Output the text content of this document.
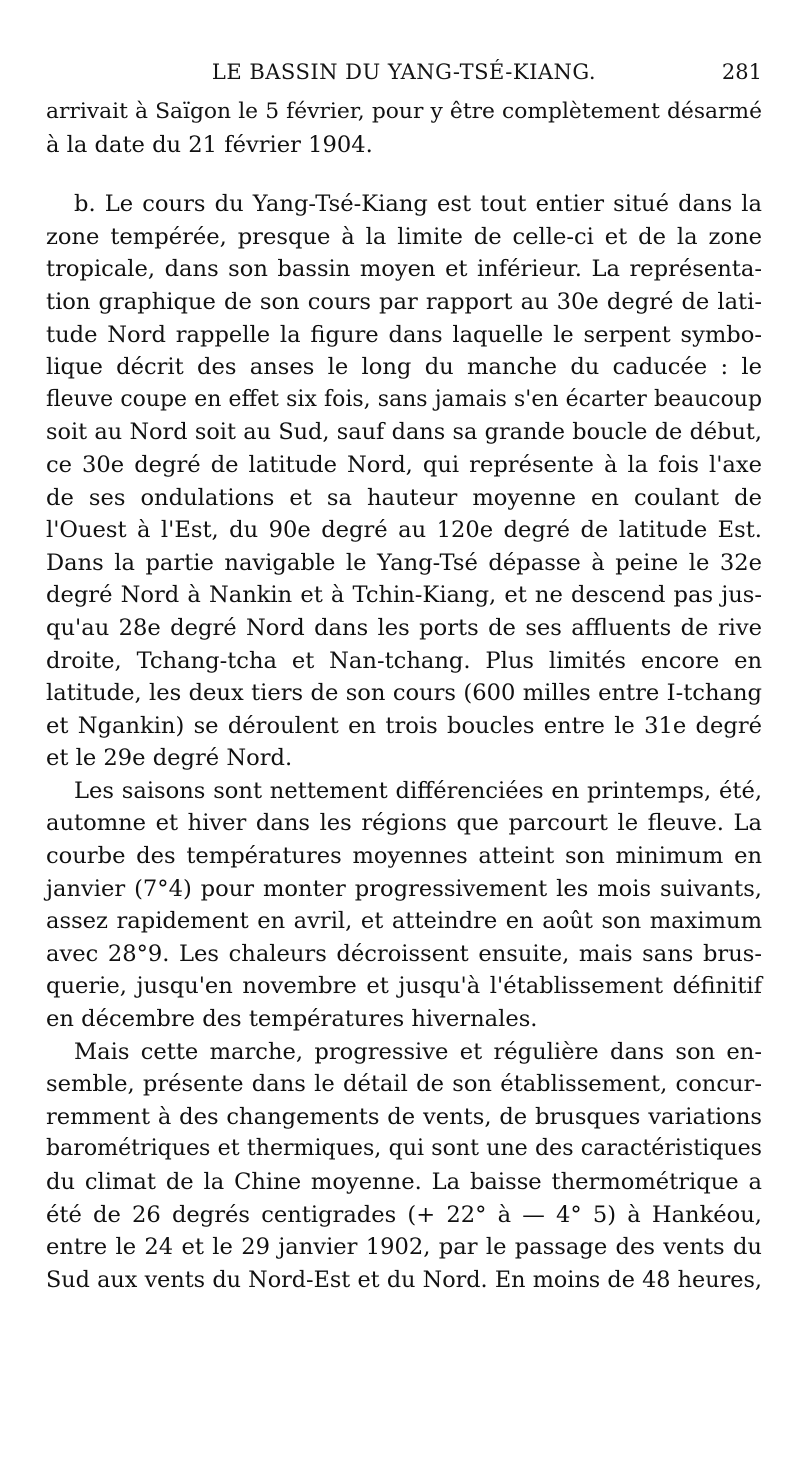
LE BASSIN DU YANG-TSÉ-KIANG.	281
arrivait à Saïgon le 5 février, pour y être complètement désarmé
à la date du 21 février 1904.
b. Le cours du Yang-Tsé-Kiang est tout entier situé dans la
zone tempérée, presque à la limite de celle-ci et de la zone
tropicale, dans son bassin moyen et inférieur. La représenta-
tion graphique de son cours par rapport au 30e degré de lati-
tude Nord rappelle la figure dans laquelle le serpent symbo-
lique décrit des anses le long du manche du caducée : le
fleuve coupe en effet six fois, sans jamais s'en écarter beaucoup
soit au Nord soit au Sud, sauf dans sa grande boucle de début,
ce 30e degré de latitude Nord, qui représente à la fois l'axe
de ses ondulations et sa hauteur moyenne en coulant de
l'Ouest à l'Est, du 90e degré au 120e degré de latitude Est.
Dans la partie navigable le Yang-Tsé dépasse à peine le 32e
degré Nord à Nankin et à Tchin-Kiang, et ne descend pas jus-
qu'au 28e degré Nord dans les ports de ses affluents de rive
droite, Tchang-tcha et Nan-tchang. Plus limités encore en
latitude, les deux tiers de son cours (600 milles entre I-tchang
et Ngankin) se déroulent en trois boucles entre le 31e degré
et le 29e degré Nord.
Les saisons sont nettement différenciées en printemps, été,
automne et hiver dans les régions que parcourt le fleuve. La
courbe des températures moyennes atteint son minimum en
janvier (7°4) pour monter progressivement les mois suivants,
assez rapidement en avril, et atteindre en août son maximum
avec 28°9. Les chaleurs décroissent ensuite, mais sans brus-
querie, jusqu'en novembre et jusqu'à l'établissement définitif
en décembre des températures hivernales.
Mais cette marche, progressive et régulière dans son en-
semble, présente dans le détail de son établissement, concur-
remment à des changements de vents, de brusques variations
barométriques et thermiques, qui sont une des caractéristiques
du climat de la Chine moyenne. La baisse thermométrique a
été de 26 degrés centigrades (+ 22° à — 4° 5) à Hankéou,
entre le 24 et le 29 janvier 1902, par le passage des vents du
Sud aux vents du Nord-Est et du Nord. En moins de 48 heures,
